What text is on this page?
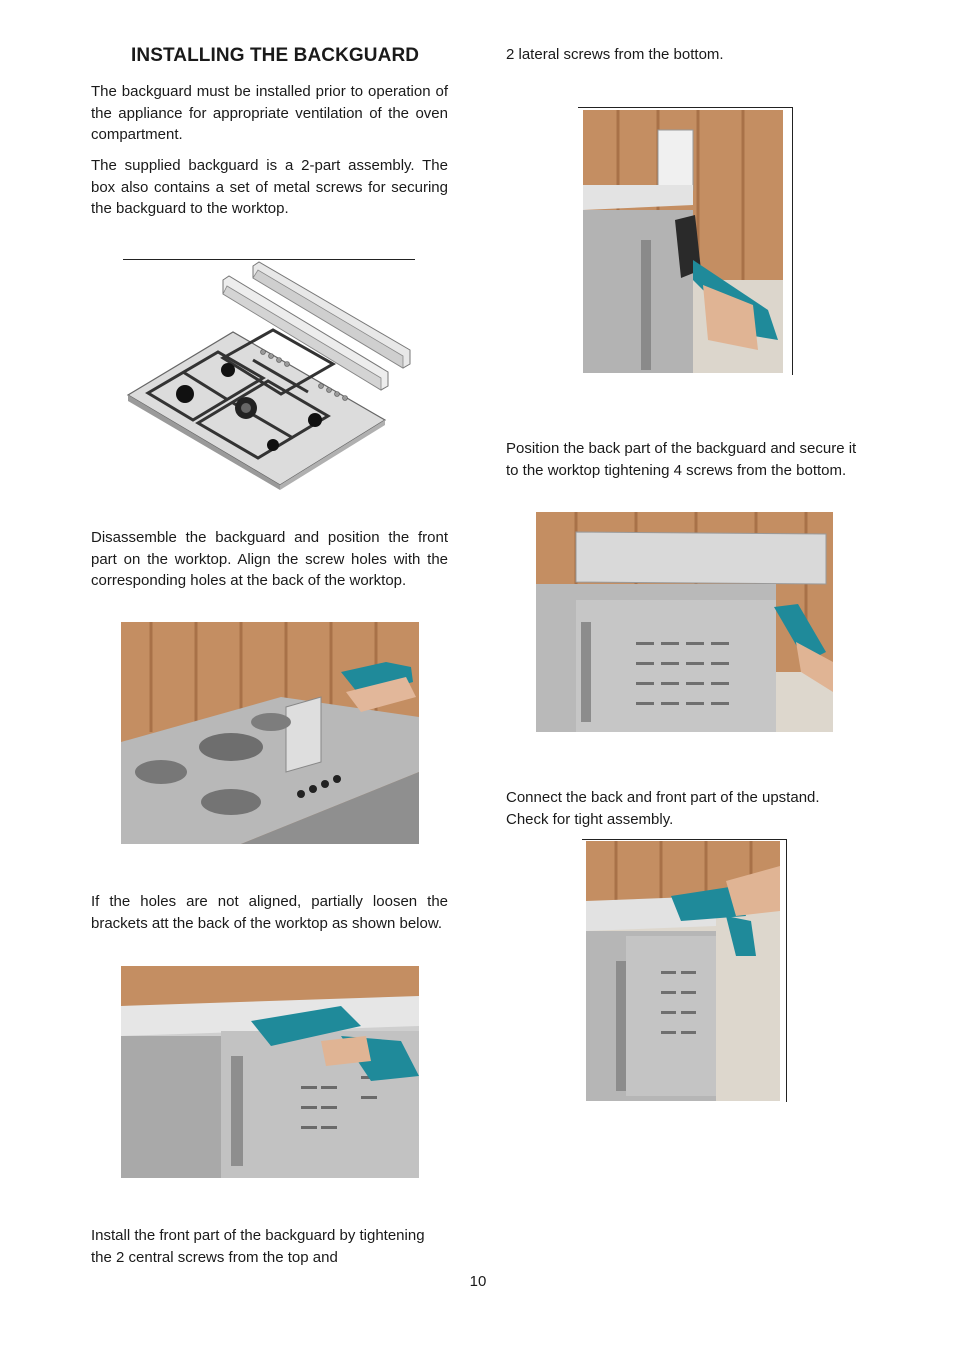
INSTALLING THE BACKGUARD
The backguard must be installed prior to operation of the appliance for appropriate ventilation of the oven compartment.
The supplied backguard is a 2-part assembly. The box also contains a set of metal screws for securing the backguard to the worktop.
Disassemble the backguard and position the front part on the worktop. Align the screw holes with the corresponding holes at the back of the worktop.
If the holes are not aligned, partially loosen the brackets att the back of the worktop as shown below.
Install the front part of the backguard by tightening the 2 central screws from the top and
2 lateral screws from the bottom.
Position the back part of the backguard and secure it to the worktop tightening 4 screws from the bottom.
Connect the back and front part of the upstand. Check for tight assembly.
10
